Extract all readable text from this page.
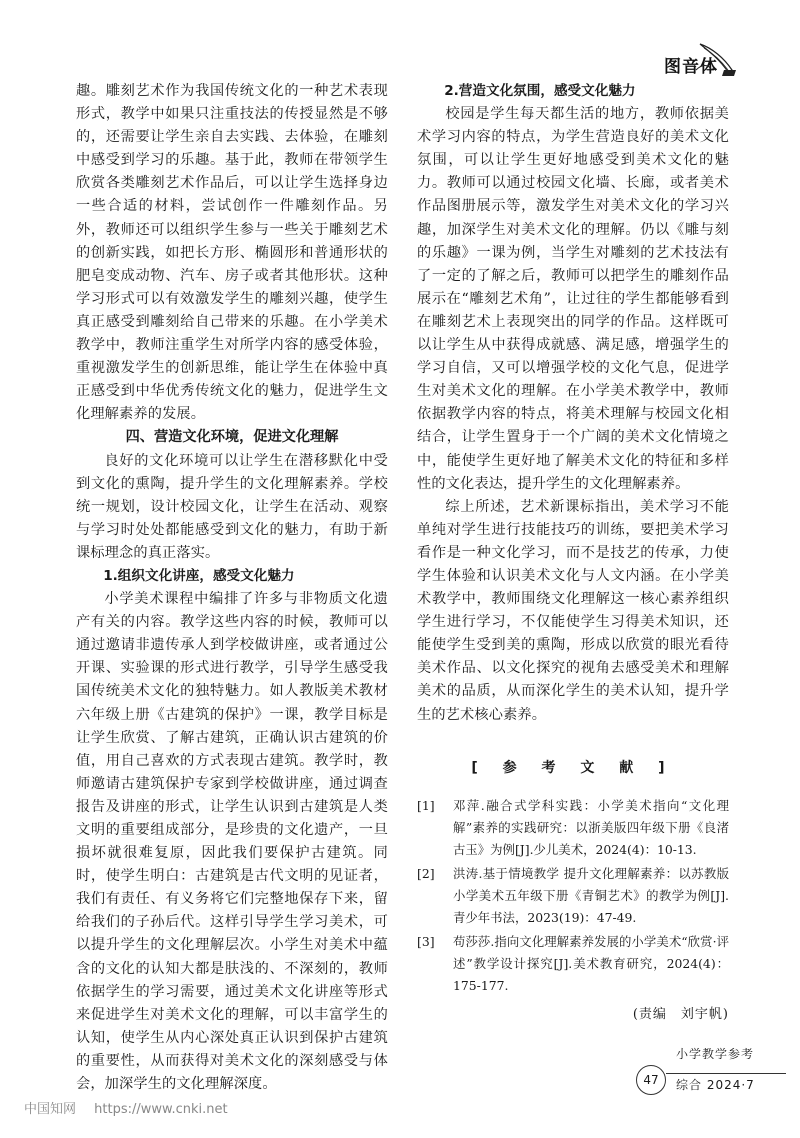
图音体

趣。雕刻艺术作为我国传统文化的一种艺术表现形式，教学中如果只注重技法的传授显然是不够的，还需要让学生亲自去实践、去体验，在雕刻中感受到学习的乐趣。基于此，教师在带领学生欣赏各类雕刻艺术作品后，可以让学生选择身边一些合适的材料，尝试创作一件雕刻作品。另外，教师还可以组织学生参与一些关于雕刻艺术的创新实践，如把长方形、椭圆形和普通形状的肥皂变成动物、汽车、房子或者其他形状。这种学习形式可以有效激发学生的雕刻兴趣，使学生真正感受到雕刻给自己带来的乐趣。在小学美术教学中，教师注重学生对所学内容的感受体验，重视激发学生的创新思维，能让学生在体验中真正感受到中华优秀传统文化的魅力，促进学生文化理解素养的发展。

四、营造文化环境，促进文化理解

良好的文化环境可以让学生在潜移默化中受到文化的熏陶，提升学生的文化理解素养。学校统一规划，设计校园文化，让学生在活动、观察与学习时处处都能感受到文化的魅力，有助于新课标理念的真正落实。

1.组织文化讲座，感受文化魅力

小学美术课程中编排了许多与非物质文化遗产有关的内容。教学这些内容的时候，教师可以通过邀请非遗传承人到学校做讲座，或者通过公开课、实验课的形式进行教学，引导学生感受我国传统美术文化的独特魅力。如人教版美术教材六年级上册《古建筑的保护》一课，教学目标是让学生欣赏、了解古建筑，正确认识古建筑的价值，用自己喜欢的方式表现古建筑。教学时，教师邀请古建筑保护专家到学校做讲座，通过调查报告及讲座的形式，让学生认识到古建筑是人类文明的重要组成部分，是珍贵的文化遗产，一旦损坏就很难复原，因此我们要保护古建筑。同时，使学生明白：古建筑是古代文明的见证者，我们有责任、有义务将它们完整地保存下来，留给我们的子孙后代。这样引导学生学习美术，可以提升学生的文化理解层次。小学生对美术中蕴含的文化的认知大都是肤浅的、不深刻的，教师依据学生的学习需要，通过美术文化讲座等形式来促进学生对美术文化的理解，可以丰富学生的认知，使学生从内心深处真正认识到保护古建筑的重要性，从而获得对美术文化的深刻感受与体会，加深学生的文化理解深度。

2.营造文化氛围，感受文化魅力

校园是学生每天都生活的地方，教师依据美术学习内容的特点，为学生营造良好的美术文化氛围，可以让学生更好地感受到美术文化的魅力。教师可以通过校园文化墙、长廊，或者美术作品图册展示等，激发学生对美术文化的学习兴趣，加深学生对美术文化的理解。仍以《雕与刻的乐趣》一课为例，当学生对雕刻的艺术技法有了一定的了解之后，教师可以把学生的雕刻作品展示在“雕刻艺术角”，让过往的学生都能够看到在雕刻艺术上表现突出的同学的作品。这样既可以让学生从中获得成就感、满足感，增强学生的学习自信，又可以增强学校的文化气息，促进学生对美术文化的理解。在小学美术教学中，教师依据教学内容的特点，将美术理解与校园文化相结合，让学生置身于一个广阔的美术文化情境之中，能使学生更好地了解美术文化的特征和多样性的文化表达，提升学生的文化理解素养。

综上所述，艺术新课标指出，美术学习不能单纯对学生进行技能技巧的训练，要把美术学习看作是一种文化学习，而不是技艺的传承，力使学生体验和认识美术文化与人文内涵。在小学美术教学中，教师围绕文化理解这一核心素养组织学生进行学习，不仅能使学生习得美术知识，还能使学生受到美的熏陶，形成以欣赏的眼光看待美术作品、以文化探究的视角去感受美术和理解美术的品质，从而深化学生的美术认知，提升学生的艺术核心素养。

[ 参 考 文 献 ]
[1]	邓萍.融合式学科实践：小学美术指向“文化理解”素养的实践研究：以浙美版四年级下册《良渚古玉》为例[J].少儿美术，2024(4)：10-13.
[2]	洪涛.基于情境教学 提升文化理解素养：以苏教版小学美术五年级下册《青铜艺术》的教学为例[J].青少年书法，2023(19)：47-49.
[3]	苟莎莎.指向文化理解素养发展的小学美术“欣赏·评述”教学设计探究[J].美术教育研究，2024(4)：175-177.
(责编　刘宇帆)
47
小学教学参考
综合 2024·7
中国知网 https://www.cnki.net
